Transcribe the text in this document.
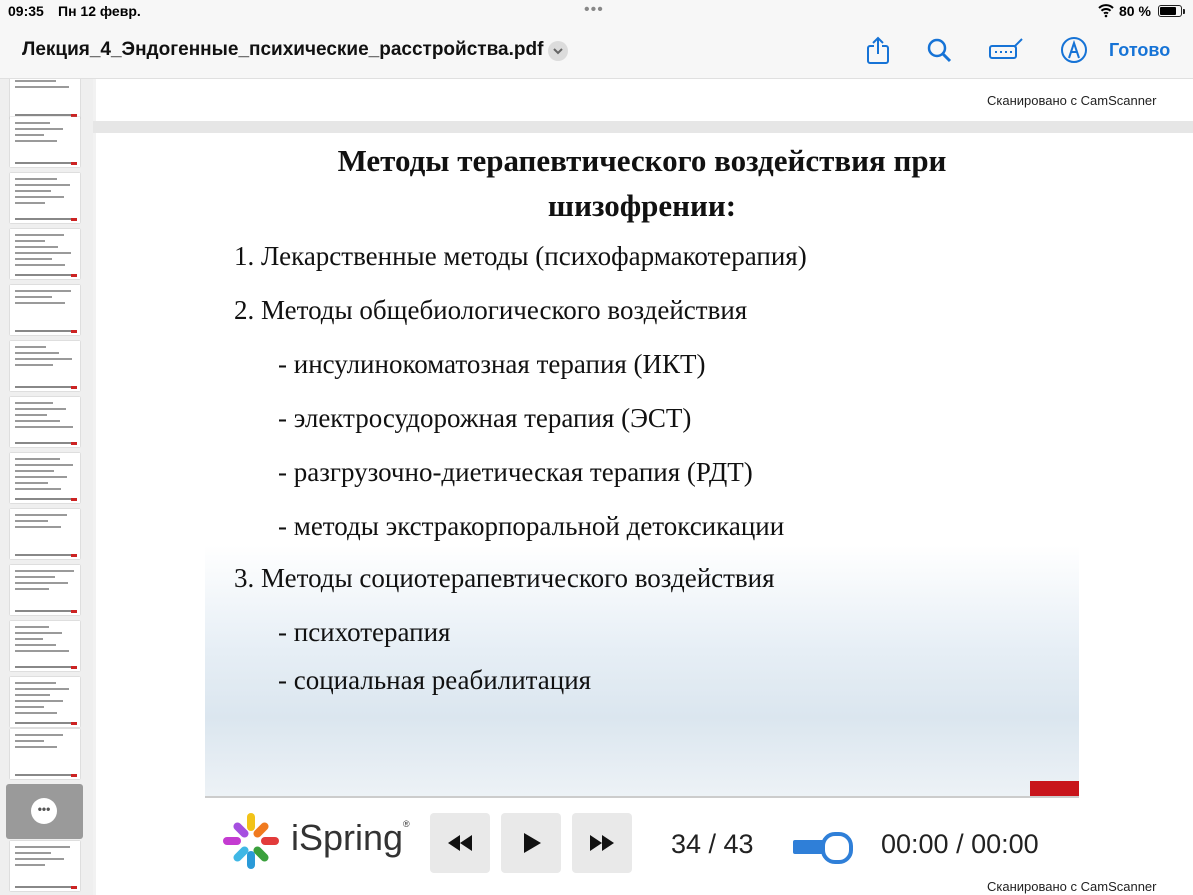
09:35 Пн 12 февр.	•••	80 %
Лекция_4_Эндогенные_психические_расстройства.pdf	Готово
•••
Сканировано с CamScanner
Методы терапевтического воздействия при
шизофрении:
1. Лекарственные методы (психофармакотерапия)
2. Методы общебиологического воздействия
- инсулинокоматозная терапия (ИКТ)
- электросудорожная терапия (ЭСТ)
- разгрузочно-диетическая терапия (РДТ)
- методы экстракорпоральной детоксикации
3. Методы социотерапевтического воздействия
- психотерапия
- социальная реабилитация
iSpring ®
34 / 43	00:00 / 00:00
Сканировано с CamScanner
